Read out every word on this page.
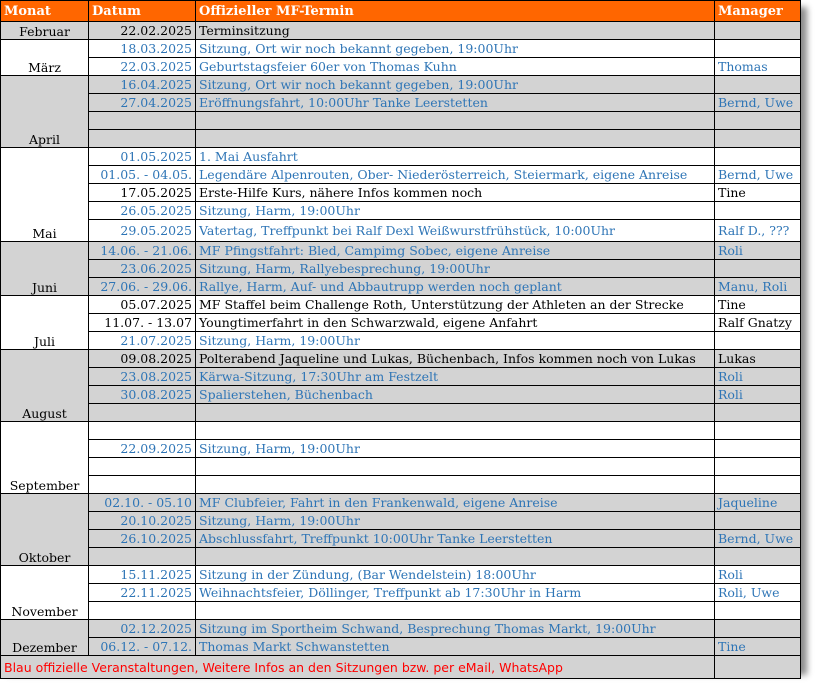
Monat	Datum	Offizieller MF-Termin	Manager
Februar	22.02.2025	Terminsitzung	
März	18.03.2025	Sitzung, Ort wir noch bekannt gegeben, 19:00Uhr	
	22.03.2025	Geburtstagsfeier 60er von Thomas Kuhn	Thomas
April	16.04.2025	Sitzung, Ort wir noch bekannt gegeben, 19:00Uhr	
	27.04.2025	Eröffnungsfahrt, 10:00Uhr Tanke Leerstetten	Bernd, Uwe

Mai	01.05.2025	1. Mai Ausfahrt	
	01.05. - 04.05.	Legendäre Alpenrouten, Ober- Niederösterreich, Steiermark, eigene Anreise	Bernd, Uwe
	17.05.2025	Erste-Hilfe Kurs, nähere Infos kommen noch	Tine
	26.05.2025	Sitzung, Harm, 19:00Uhr	
	29.05.2025	Vatertag, Treffpunkt bei Ralf Dexl Weißwurstfrühstück, 10:00Uhr	Ralf D., ???
Juni	14.06. - 21.06.	MF Pfingstfahrt: Bled, Campimg Sobec, eigene Anreise	Roli
	23.06.2025	Sitzung, Harm, Rallyebesprechung, 19:00Uhr	
	27.06. - 29.06.	Rallye, Harm, Auf- und Abbautrupp werden noch geplant	Manu, Roli
Juli	05.07.2025	MF Staffel beim Challenge Roth, Unterstützung der Athleten an der Strecke	Tine
	11.07. - 13.07	Youngtimerfahrt in den Schwarzwald, eigene Anfahrt	Ralf Gnatzy
	21.07.2025	Sitzung, Harm, 19:00Uhr	
August	09.08.2025	Polterabend Jaqueline und Lukas, Büchenbach, Infos kommen noch von Lukas	Lukas
	23.08.2025	Kärwa-Sitzung, 17:30Uhr am Festzelt	Roli
	30.08.2025	Spalierstehen, Büchenbach	Roli

September			
	22.09.2025	Sitzung, Harm, 19:00Uhr	

Oktober	02.10. - 05.10	MF Clubfeier, Fahrt in den Frankenwald, eigene Anreise	Jaqueline
	20.10.2025	Sitzung, Harm, 19:00Uhr	
	26.10.2025	Abschlussfahrt, Treffpunkt 10:00Uhr Tanke Leerstetten	Bernd, Uwe

November	15.11.2025	Sitzung in der Zündung, (Bar Wendelstein) 18:00Uhr	Roli
	22.11.2025	Weihnachtsfeier, Döllinger, Treffpunkt ab 17:30Uhr in Harm	Roli, Uwe

Dezember	02.12.2025	Sitzung im Sportheim Schwand, Besprechung Thomas Markt, 19:00Uhr	
	06.12. - 07.12.	Thomas Markt Schwanstetten	Tine
Blau offizielle Veranstaltungen, Weitere Infos an den Sitzungen bzw. per eMail, WhatsApp			
